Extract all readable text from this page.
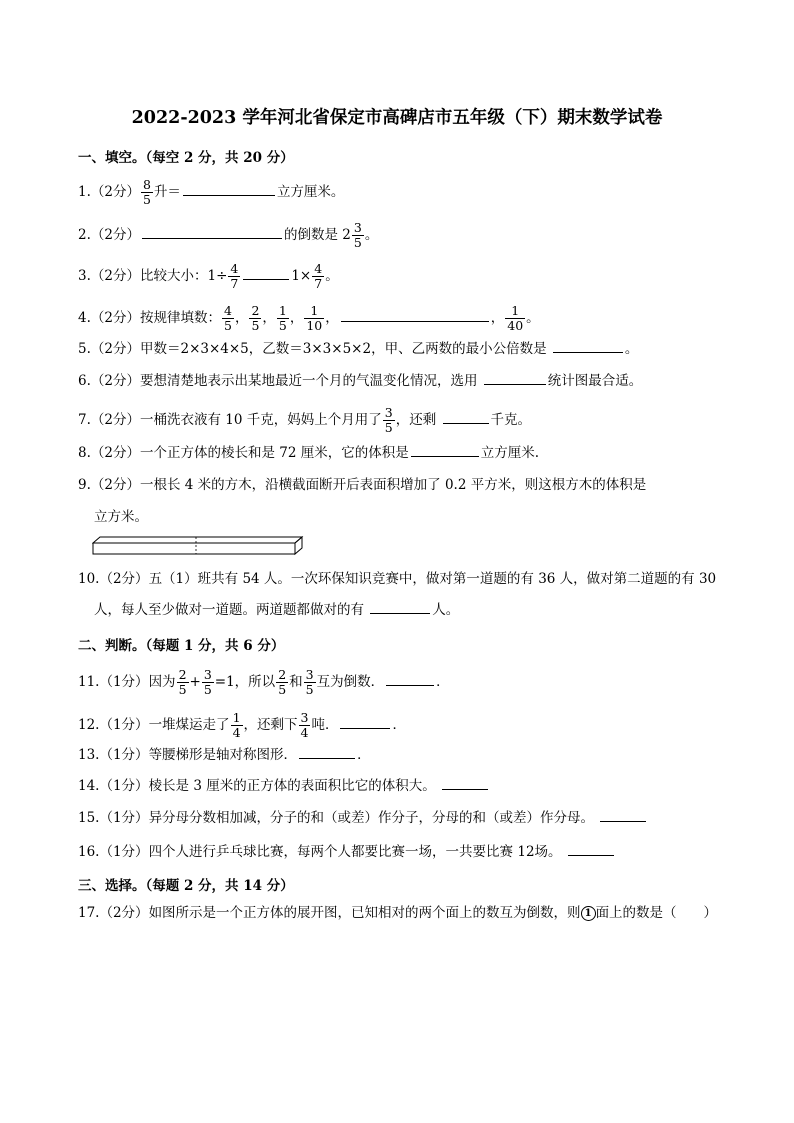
2022-2023 学年河北省保定市高碑店市五年级（下）期末数学试卷
一、填空。（每空 2 分，共 20 分）
1.（2分） $\frac{8}{5}$ 升＝	立方厘米。
2.（2分）	的倒数是 $2 \frac{3}{5}$ 。
3.（2分）比较大小：$1\div \frac{4}{7}$	$1\times \frac{4}{7}$ 。
4.（2分）按规律填数： $\frac{4}{5}$ ， $\frac{2}{5}$ ， $\frac{1}{5}$ ， $\frac{1}{10}$ ，	， $\frac{1}{40}$ 。
5.（2分）甲数＝2×3×4×5，乙数＝3×3×5×2，甲、乙两数的最小公倍数是	。
6.（2分）要想清楚地表示出某地最近一个月的气温变化情况，选用	统计图最合适。
7.（2分）一桶洗衣液有 10 千克，妈妈上个月用了 $\frac{3}{5}$ ，还剩	千克。
8.（2分）一个正方体的棱长和是 72 厘米，它的体积是	立方厘米.
9.（2分）一根长 4 米的方木，沿横截面断开后表面积增加了 0.2 平方米，则这根方木的体积是
立方米。
10.（2分）五（1）班共有 54 人。一次环保知识竞赛中，做对第一道题的有 36 人，做对第二道题的有 30
人，每人至少做对一道题。两道题都做对的有	人。
二、判断。（每题 1 分，共 6 分）
11.（1分）因为 $\frac{2}{5} + \frac{3}{5} =1$，所以 $\frac{2}{5}$ 和 $\frac{3}{5}$ 互为倒数．	．
12.（1分）一堆煤运走了 $\frac{1}{4}$ ，还剩下 $\frac{3}{4}$ 吨．	．
13.（1分）等腰梯形是轴对称图形．	．
14.（1分）棱长是 3 厘米的正方体的表面积比它的体积大。
15.（1分）异分母分数相加减，分子的和（或差）作分子，分母的和（或差）作分母。
16.（1分）四个人进行乒乓球比赛，每两个人都要比赛一场，一共要比赛 12场。
三、选择。（每题 2 分，共 14 分）
17.（2分）如图所示是一个正方体的展开图，已知相对的两个面上的数互为倒数，则 1 面上的数是（　　）
